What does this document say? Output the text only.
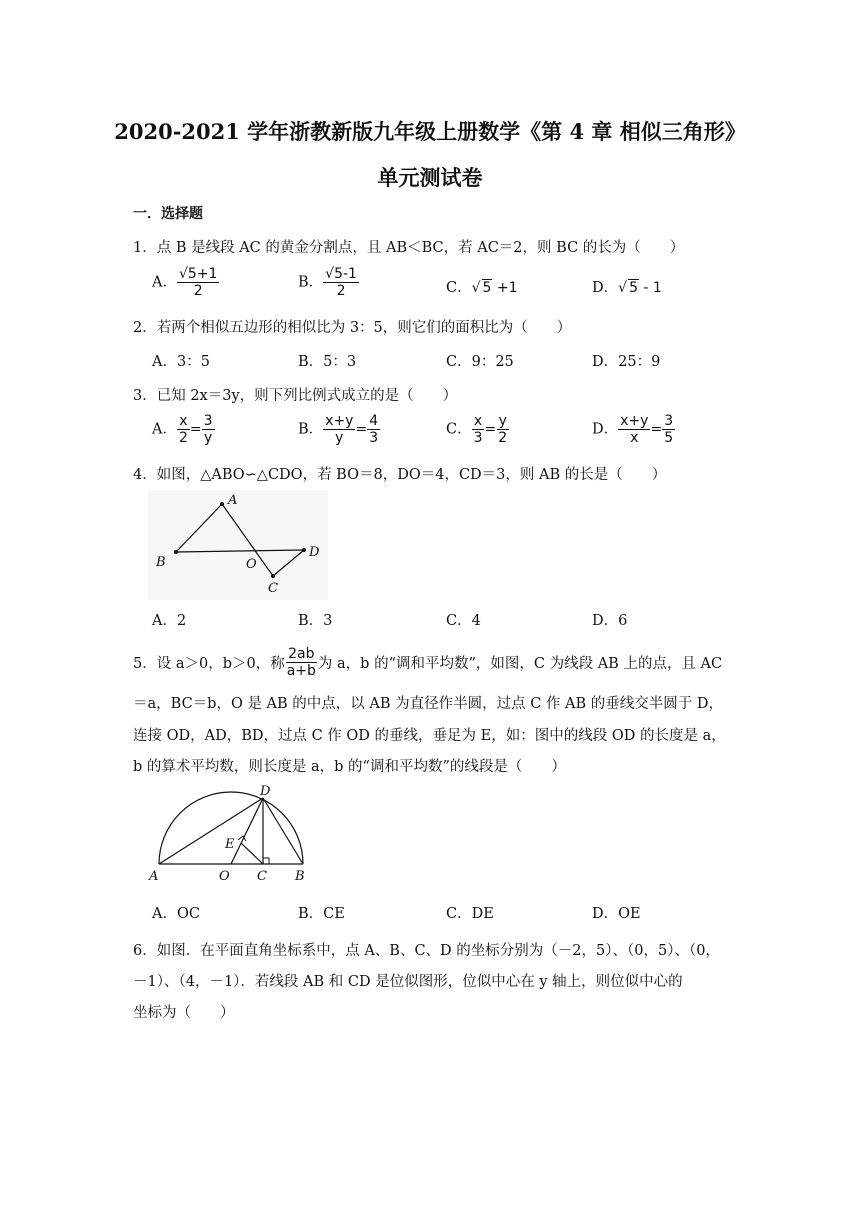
2020-2021 学年浙教新版九年级上册数学《第 4 章 相似三角形》
单元测试卷
一．选择题
1．点 B 是线段 AC 的黄金分割点，且 AB＜BC，若 AC＝2，则 BC 的长为（　　）
A． $\frac{√5+1}{2}$	B． $\frac{√5-1}{2}$	C．√ 5 +1	D．√ 5 - 1
2．若两个相似五边形的相似比为 3：5，则它们的面积比为（　　）
A．3：5	B．5：3	C．9：25	D．25：9
3．已知 2x＝3y，则下列比例式成立的是（　　）
A． $\frac{x}{2} = \frac{3}{y}$	B． $\frac{x+y}{y} = \frac{4}{3}$	C． $\frac{x}{3} = \frac{y}{2}$	D． $\frac{x+y}{x} = \frac{3}{5}$
4．如图，△ABO∽△CDO，若 BO＝8，DO＝4，CD＝3，则 AB 的长是（　　）
A
B	O
D
C
A．2	B．3	C．4	D．6
5．设 a＞0，b＞0，称 $\frac{2ab}{a+b}$ 为 a，b 的“调和平均数”，如图，C 为线段 AB 上的点，且 AC
＝a，BC＝b，O 是 AB 的中点，以 AB 为直径作半圆，过点 C 作 AB 的垂线交半圆于 D，
连接 OD，AD，BD，过点 C 作 OD 的垂线，垂足为 E，如：图中的线段 OD 的长度是 a，
b 的算术平均数，则长度是 a，b 的“调和平均数”的线段是（　　）
D
E
A	O C B
A．OC	B．CE	C．DE	D．OE
6．如图．在平面直角坐标系中，点 A、B、C、D 的坐标分别为（－2，5）、（0，5）、（0，
－1）、（4，－1）．若线段 AB 和 CD 是位似图形，位似中心在 y 轴上，则位似中心的
坐标为（　　）
